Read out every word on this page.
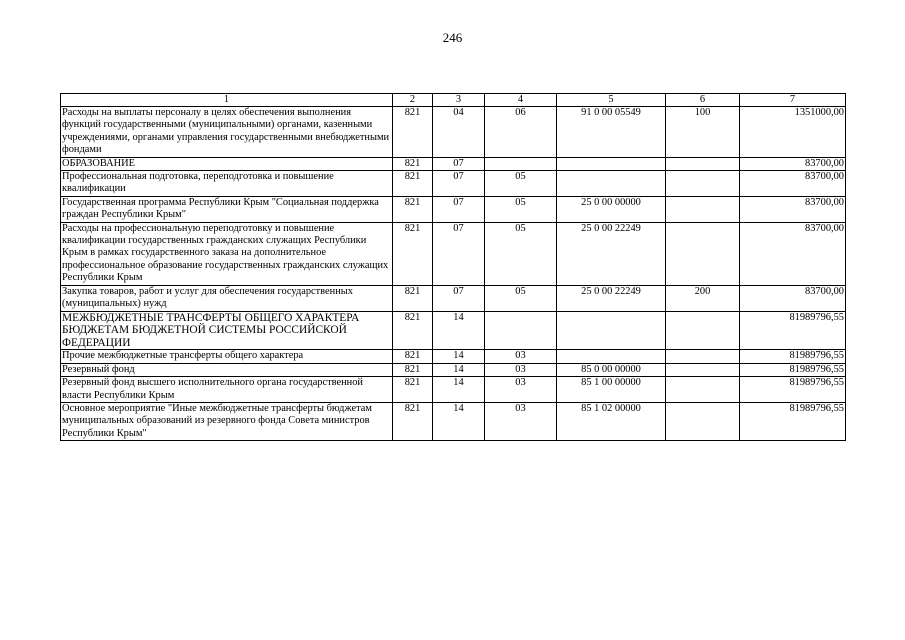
246
1	2	3	4	5	6	7
Расходы на выплаты персоналу в целях обеспечения выполнения функций государственными (муниципальными) органами, казенными учреждениями, органами управления государственными внебюджетными фондами	821	04	06	91 0 00 05549	100	1351000,00
ОБРАЗОВАНИЕ	821	07				83700,00
Профессиональная подготовка, переподготовка и повышение квалификации	821	07	05			83700,00
Государственная программа Республики Крым "Социальная поддержка граждан Республики Крым"	821	07	05	25 0 00 00000		83700,00
Расходы на профессиональную переподготовку и повышение квалификации государственных гражданских служащих Республики Крым в рамках государственного заказа на дополнительное профессиональное образование государственных гражданских служащих Республики Крым	821	07	05	25 0 00 22249		83700,00
Закупка товаров, работ и услуг для обеспечения государственных (муниципальных) нужд	821	07	05	25 0 00 22249	200	83700,00
МЕЖБЮДЖЕТНЫЕ ТРАНСФЕРТЫ ОБЩЕГО ХАРАКТЕРА БЮДЖЕТАМ БЮДЖЕТНОЙ СИСТЕМЫ РОССИЙСКОЙ ФЕДЕРАЦИИ	821	14				81989796,55
Прочие межбюджетные трансферты общего характера	821	14	03			81989796,55
Резервный фонд	821	14	03	85 0 00 00000		81989796,55
Резервный фонд высшего исполнительного органа государственной власти Республики Крым	821	14	03	85 1 00 00000		81989796,55
Основное мероприятие "Иные межбюджетные трансферты бюджетам муниципальных образований из резервного фонда Совета министров Республики Крым"	821	14	03	85 1 02 00000		81989796,55
